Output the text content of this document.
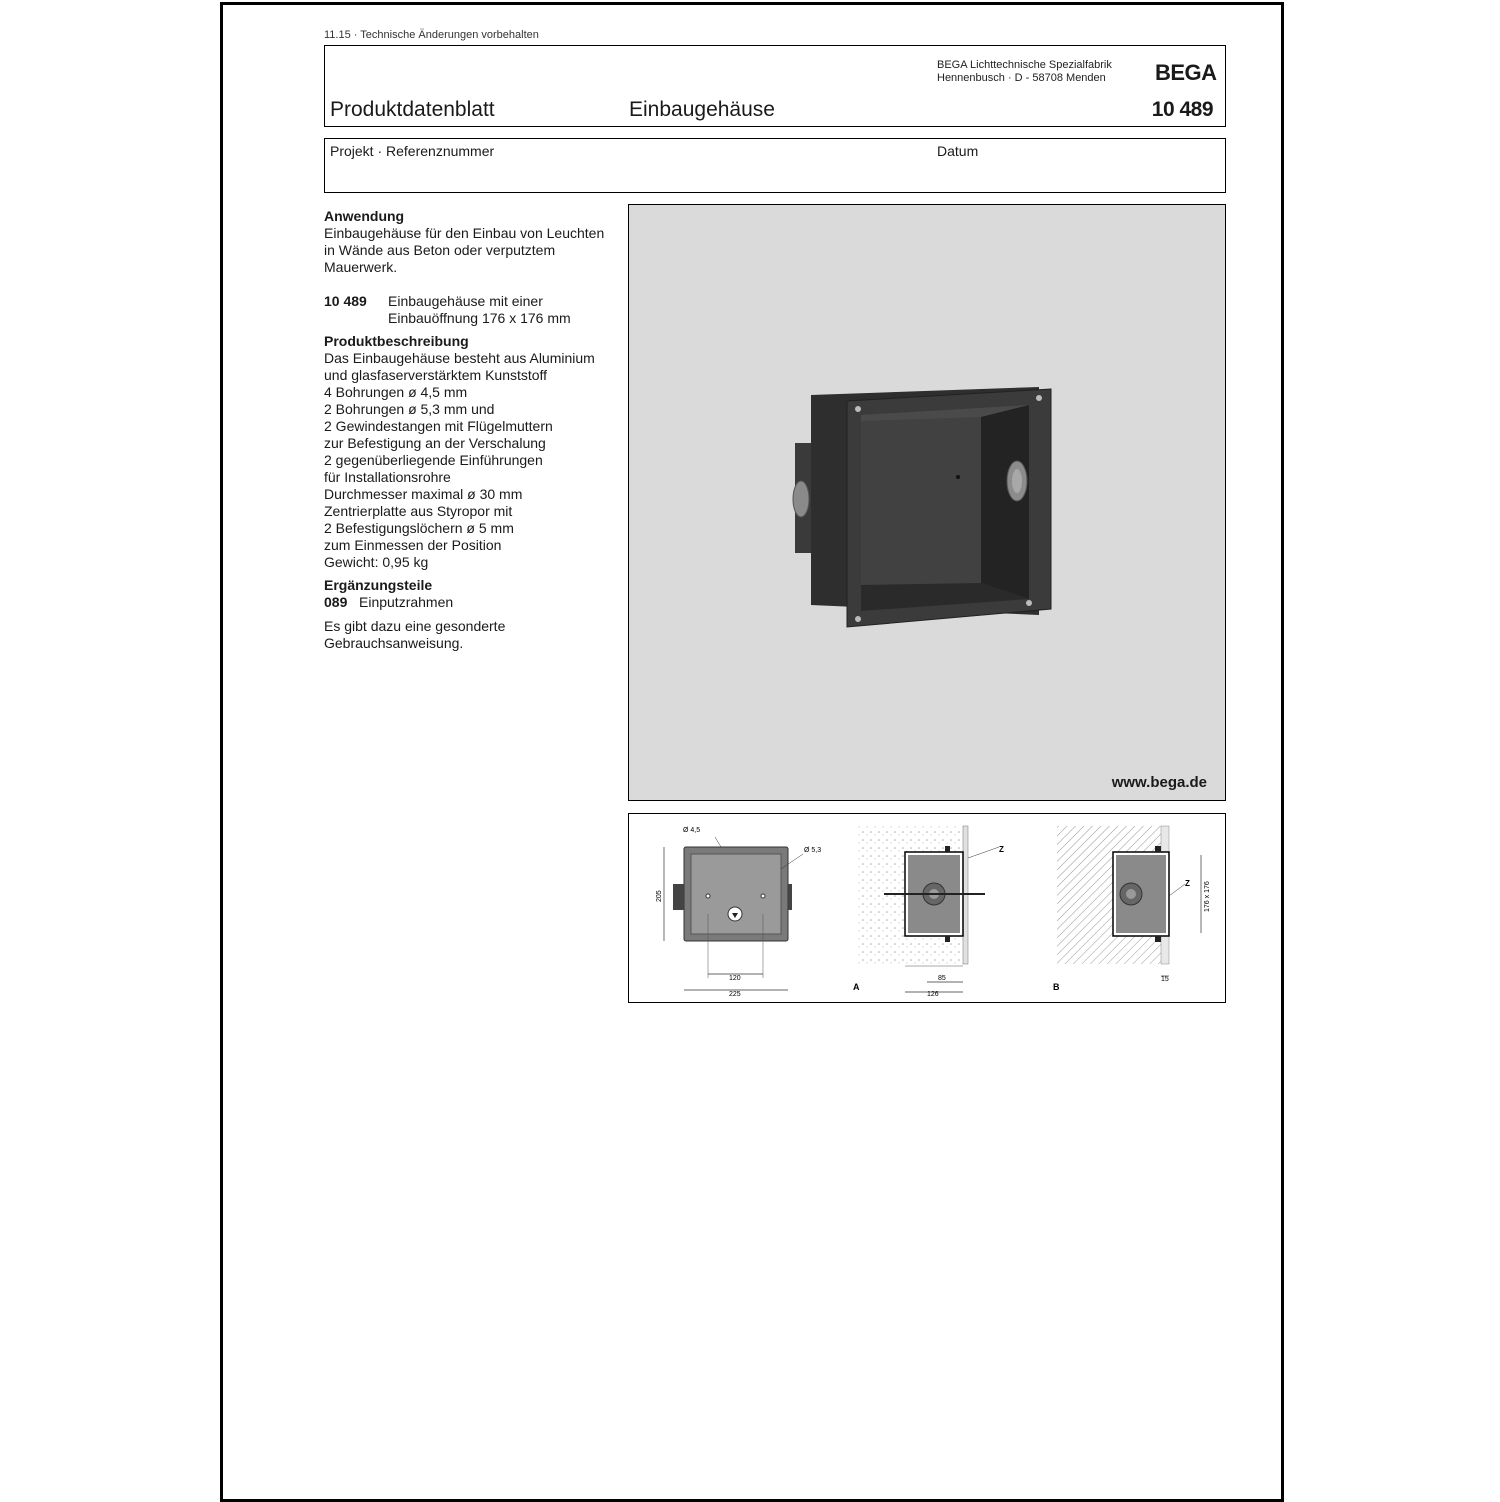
11.15 · Technische Änderungen vorbehalten
BEGA Lichttechnische Spezialfabrik
Hennenbusch · D - 58708 Menden BEGA
Produktdatenblatt	Einbaugehäuse	10 489
Projekt · Referenznummer	Datum
Anwendung

Einbaugehäuse für den Einbau von Leuchten

in Wände aus Beton oder verputztem

Mauerwerk.

10 489	Einbaugehäuse mit einer
Einbauöffnung 176 x 176 mm
Produktbeschreibung

Das Einbaugehäuse besteht aus Aluminium

und glasfaserverstärktem Kunststoff

4 Bohrungen ø 4,5 mm

2 Bohrungen ø 5,3 mm und

2 Gewindestangen mit Flügelmuttern

zur Befestigung an der Verschalung

2 gegenüberliegende Einführungen

für Installationsrohre

Durchmesser maximal ø 30 mm

Zentrierplatte aus Styropor mit

2 Befestigungslöchern ø 5 mm

zum Einmessen der Position

Gewicht: 0,95 kg

Ergänzungsteile
089 Einputzrahmen

Es gibt dazu eine gesonderte

Gebrauchsanweisung.

www.bega.de
Ø 4,5
Ø 5,3
205
120
225
A
Z
85
126
B
Z 176 x 176
15
